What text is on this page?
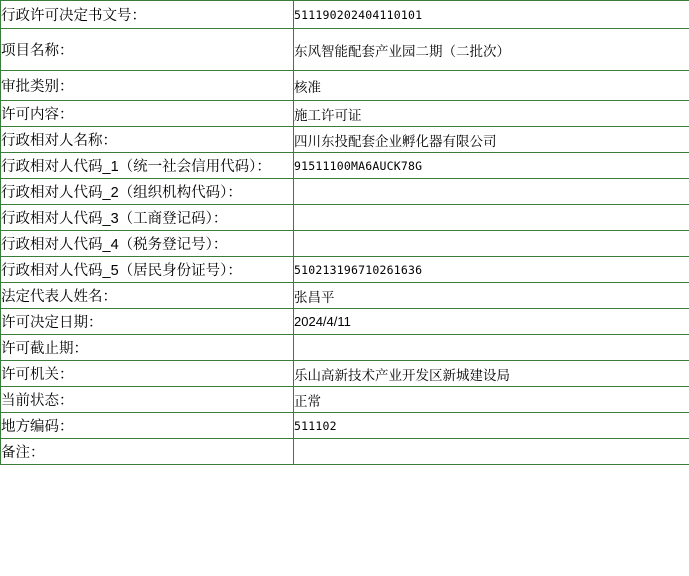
行政许可决定书文号：	511190202404110101
项目名称：	东风智能配套产业园二期（二批次）
审批类别：	核准
许可内容：	施工许可证
行政相对人名称：	四川东投配套企业孵化器有限公司
行政相对人代码_1（统一社会信用代码）：	91511100MA6AUCK78G
行政相对人代码_2（组织机构代码）：	
行政相对人代码_3（工商登记码）：	
行政相对人代码_4（税务登记号）：	
行政相对人代码_5（居民身份证号）：	510213196710261636
法定代表人姓名：	张昌平
许可决定日期：	2024/4/11
许可截止期：	
许可机关：	乐山高新技术产业开发区新城建设局
当前状态：	正常
地方编码：	511102
备注：	
